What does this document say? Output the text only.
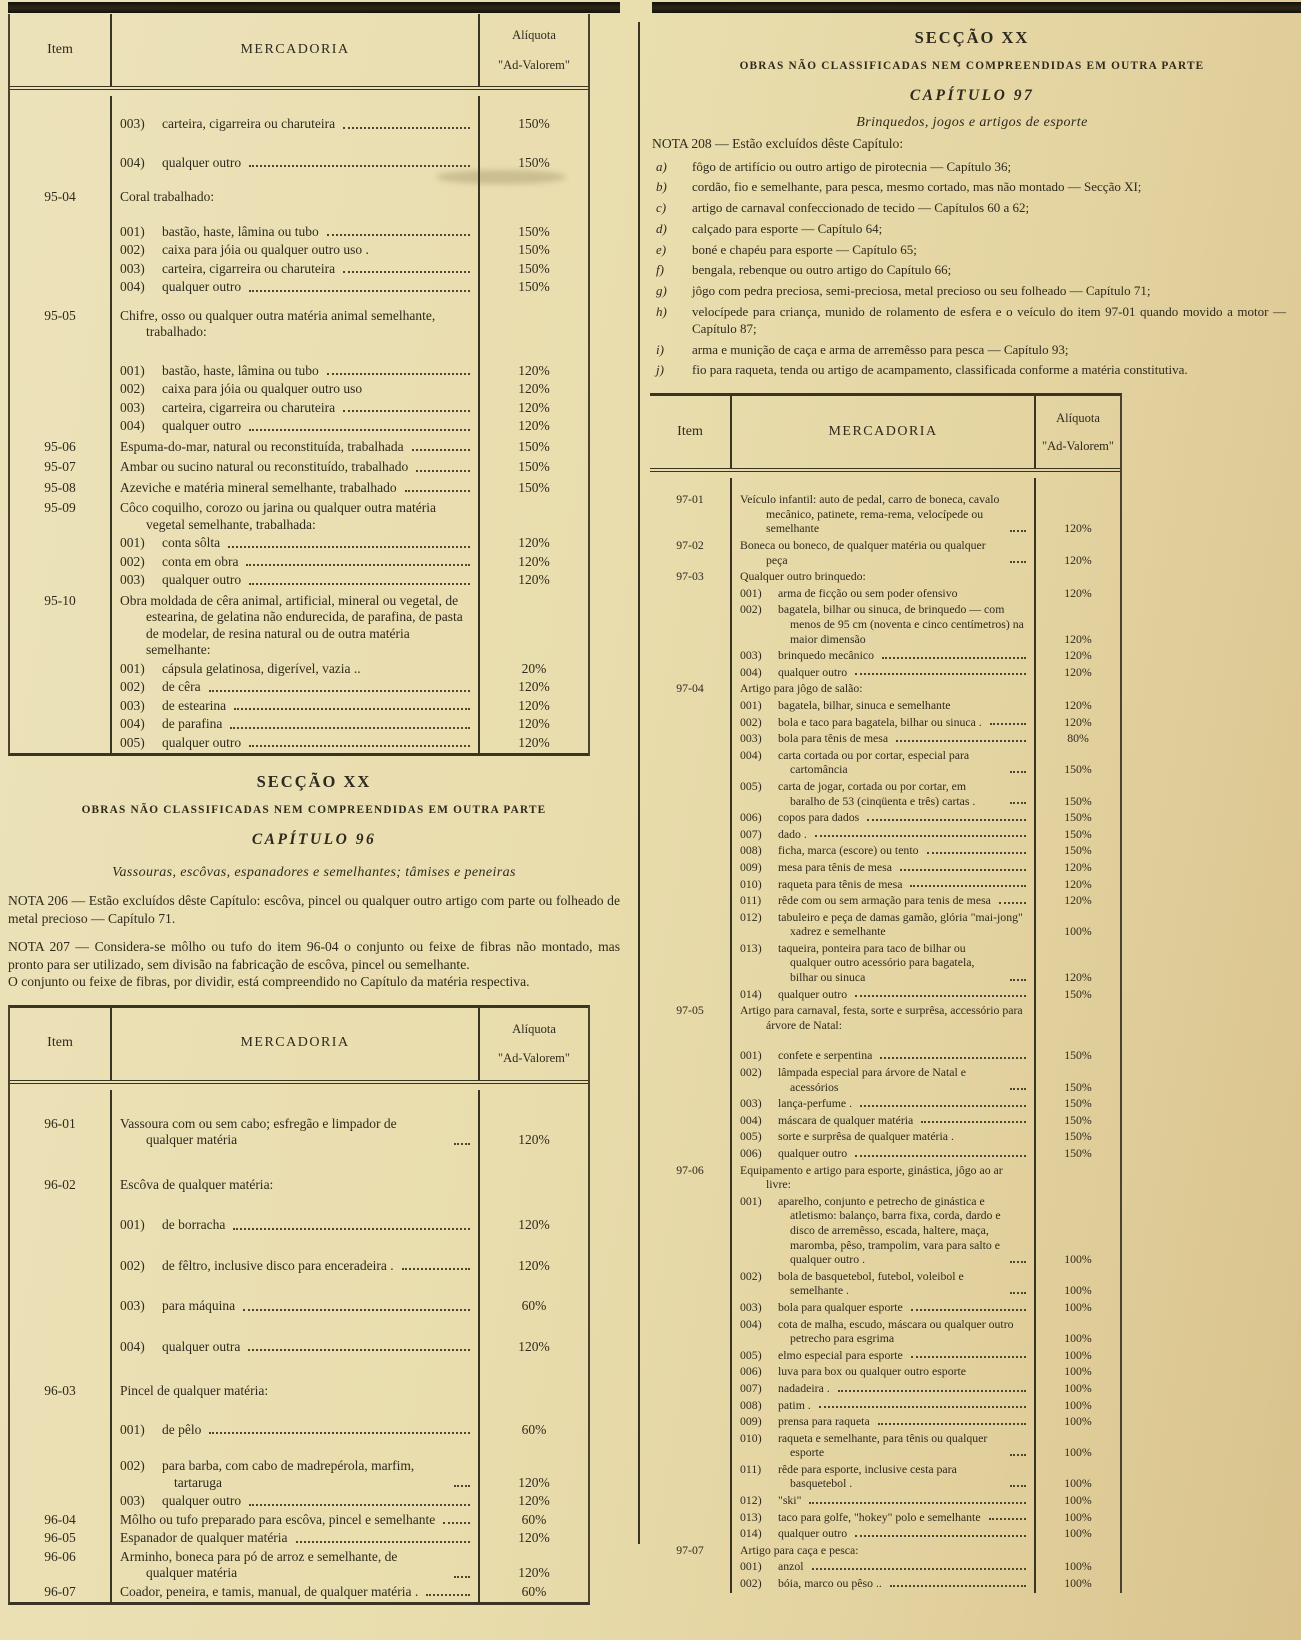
Item	MERCADORIA
Alíquota
"Ad-Valorem"
003)	carteira, cigarreira ou charuteira	150%
004)	qualquer outro	150%
95-04	Coral trabalhado:
001)	bastão, haste, lâmina ou tubo	150%
002)	caixa para jóia ou qualquer outro uso .	150%
003)	carteira, cigarreira ou charuteira	150%
004)	qualquer outro	150%
95-05	Chifre, osso ou qualquer outra matéria animal semelhante, trabalhado:
001)	bastão, haste, lâmina ou tubo	120%
002)	caixa para jóia ou qualquer outro uso	120%
003)	carteira, cigarreira ou charuteira	120%
004)	qualquer outro	120%
95-06	Espuma-do-mar, natural ou reconstituída, trabalhada	150%
95-07	Ambar ou sucino natural ou reconstituído, trabalhado	150%
95-08	Azeviche e matéria mineral semelhante, trabalhado	150%
95-09	Côco coquilho, corozo ou jarina ou qualquer outra matéria vegetal semelhante, trabalhada:
001)	conta sôlta	120%
002)	conta em obra	120%
003)	qualquer outro	120%
95-10	Obra moldada de cêra animal, artificial, mineral ou vegetal, de estearina, de gelatina não endurecida, de parafina, de pasta de modelar, de resina natural ou de outra matéria semelhante:
001)	cápsula gelatinosa, digerível, vazia ..	20%
002)	de cêra	120%
003)	de estearina	120%
004)	de parafina	120%
005)	qualquer outro	120%
SECÇÃO XX
OBRAS NÃO CLASSIFICADAS NEM COMPREENDIDAS EM OUTRA PARTE
CAPÍTULO 96
Vassouras, escôvas, espanadores e semelhantes; tâmises e peneiras
NOTA 206 — Estão excluídos dêste Capítulo: escôva, pincel ou qualquer outro artigo com parte ou folheado de metal precioso — Capítulo 71.
NOTA 207 — Considera-se môlho ou tufo do item 96-04 o conjunto ou feixe de fibras não montado, mas pronto para ser utilizado, sem divisão na fabricação de escôva, pincel ou semelhante.
O conjunto ou feixe de fibras, por dividir, está compreendido no Capítulo da matéria respectiva.
Item	MERCADORIA
Alíquota
"Ad-Valorem"
96-01	Vassoura com ou sem cabo; esfregão e limpador de qualquer matéria	120%
96-02	Escôva de qualquer matéria:
001)	de borracha	120%
002)	de fêltro, inclusive disco para enceradeira .	120%
003)	para máquina	60%
004)	qualquer outra	120%
96-03	Pincel de qualquer matéria:
001)	de pêlo	60%
002)	para barba, com cabo de madrepérola, marfim, tartaruga	120%
003)	qualquer outro	120%
96-04	Môlho ou tufo preparado para escôva, pincel e semelhante	60%
96-05	Espanador de qualquer matéria	120%
96-06	Arminho, boneca para pó de arroz e semelhante, de qualquer matéria	120%
96-07	Coador, peneira, e tamis, manual, de qualquer matéria .	60%
SECÇÃO XX
OBRAS NÃO CLASSIFICADAS NEM COMPREENDIDAS EM OUTRA PARTE
CAPÍTULO 97
Brinquedos, jogos e artigos de esporte
NOTA 208 — Estão excluídos dêste Capítulo:
a)	fôgo de artifício ou outro artigo de pirotecnia — Capítulo 36;
b)	cordão, fio e semelhante, para pesca, mesmo cortado, mas não montado — Secção XI;
c)	artigo de carnaval confeccionado de tecido — Capítulos 60 a 62;
d)	calçado para esporte — Capítulo 64;
e)	boné e chapéu para esporte — Capítulo 65;
f)	bengala, rebenque ou outro artigo do Capítulo 66;
g)	jôgo com pedra preciosa, semi-preciosa, metal precioso ou seu folheado — Capítulo 71;
h)	velocípede para criança, munido de rolamento de esfera e o veículo do item 97-01 quando movido a motor — Capítulo 87;
i)	arma e munição de caça e arma de arremêsso para pesca — Capítulo 93;
j)	fio para raqueta, tenda ou artigo de acampamento, classificada conforme a matéria constitutiva.
Item	MERCADORIA
Alíquota
"Ad-Valorem"
97-01	Veículo infantil: auto de pedal, carro de boneca, cavalo mecânico, patinete, rema-rema, velocípede ou semelhante	120%
97-02	Boneca ou boneco, de qualquer matéria ou qualquer peça	120%
97-03	Qualquer outro brinquedo:
001)	arma de ficção ou sem poder ofensivo	120%
002)	bagatela, bilhar ou sinuca, de brinquedo — com menos de 95 cm (noventa e cinco centímetros) na maior dimensão	120%
003)	brinquedo mecânico	120%
004)	qualquer outro	120%
97-04	Artigo para jôgo de salão:
001)	bagatela, bilhar, sinuca e semelhante	120%
002)	bola e taco para bagatela, bilhar ou sinuca .	120%
003)	bola para tênis de mesa	80%
004)	carta cortada ou por cortar, especial para cartomância	150%
005)	carta de jogar, cortada ou por cortar, em baralho de 53 (cinqüenta e três) cartas .	150%
006)	copos para dados	150%
007)	dado .	150%
008)	ficha, marca (escore) ou tento	150%
009)	mesa para tênis de mesa	120%
010)	raqueta para tênis de mesa	120%
011)	rêde com ou sem armação para tenis de mesa	120%
012)	tabuleiro e peça de damas gamão, glória "mai-jong" xadrez e semelhante	100%
013)	taqueira, ponteira para taco de bilhar ou qualquer outro acessório para bagatela, bilhar ou sinuca	120%
014)	qualquer outro	150%
97-05	Artigo para carnaval, festa, sorte e surprêsa, accessório para árvore de Natal:
001)	confete e serpentina	150%
002)	lâmpada especial para árvore de Natal e acessórios	150%
003)	lança-perfume .	150%
004)	máscara de qualquer matéria	150%
005)	sorte e surprêsa de qualquer matéria .	150%
006)	qualquer outro	150%
97-06	Equipamento e artigo para esporte, ginástica, jôgo ao ar livre:
001)	aparelho, conjunto e petrecho de ginástica e atletismo: balanço, barra fixa, corda, dardo e disco de arremêsso, escada, haltere, maça, maromba, pêso, trampolim, vara para salto e qualquer outro .	100%
002)	bola de basquetebol, futebol, voleibol e semelhante .	100%
003)	bola para qualquer esporte	100%
004)	cota de malha, escudo, máscara ou qualquer outro petrecho para esgrima	100%
005)	elmo especial para esporte	100%
006)	luva para box ou qualquer outro esporte	100%
007)	nadadeira .	100%
008)	patim .	100%
009)	prensa para raqueta	100%
010)	raqueta e semelhante, para tênis ou qualquer esporte	100%
011)	rêde para esporte, inclusive cesta para basquetebol .	100%
012)	"ski"	100%
013)	taco para golfe, "hokey" polo e semelhante	100%
014)	qualquer outro	100%
97-07	Artigo para caça e pesca:
001)	anzol	100%
002)	bóia, marco ou pêso ..	100%
